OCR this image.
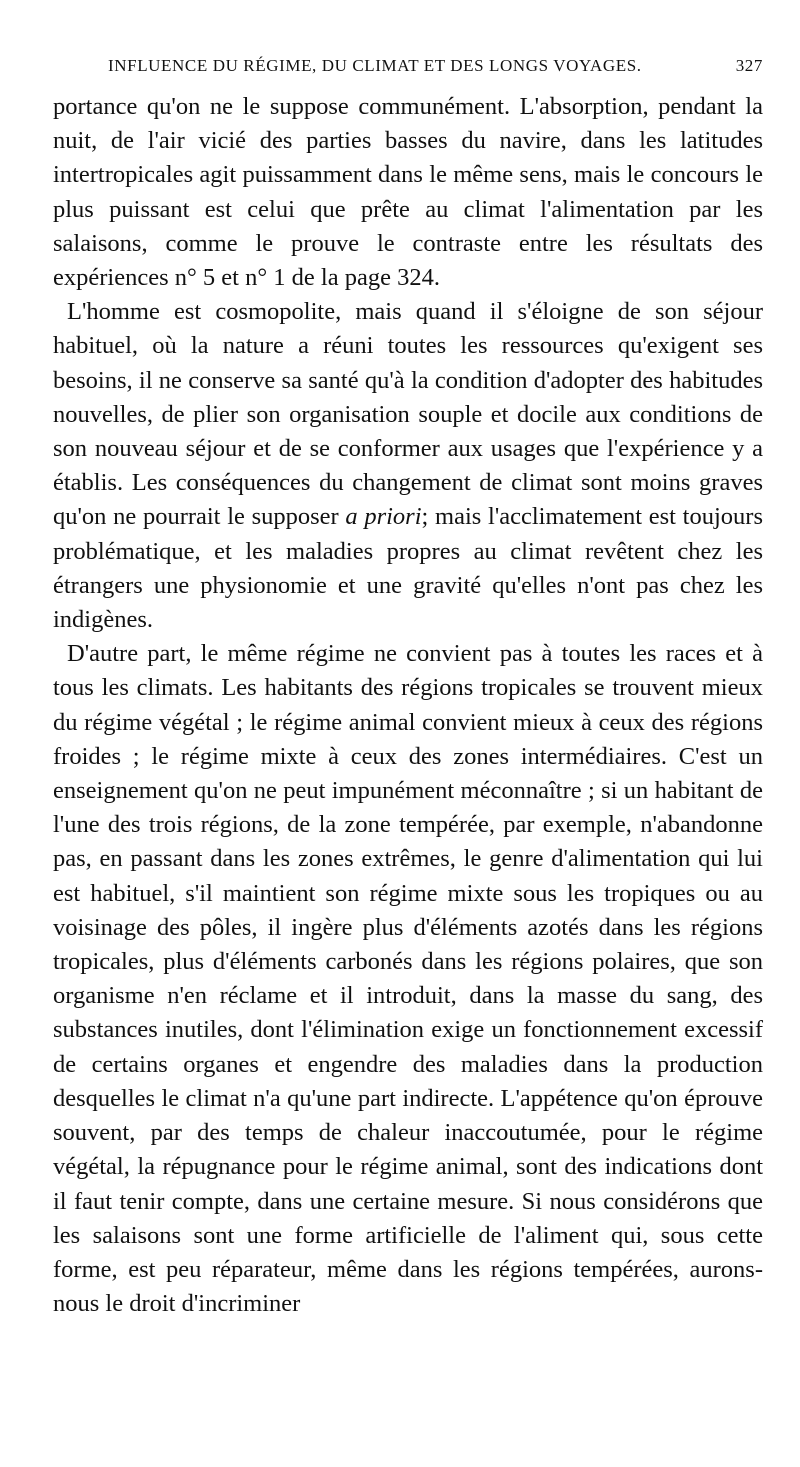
INFLUENCE DU RÉGIME, DU CLIMAT ET DES LONGS VOYAGES.	327

portance qu'on ne le suppose communément. L'absorption, pendant la nuit, de l'air vicié des parties basses du navire, dans les latitudes intertropicales agit puissamment dans le même sens, mais le concours le plus puissant est celui que prête au climat l'alimentation par les salaisons, comme le prouve le contraste entre les résultats des expériences n° 5 et n° 1 de la page 324.

L'homme est cosmopolite, mais quand il s'éloigne de son séjour habituel, où la nature a réuni toutes les ressources qu'exigent ses besoins, il ne conserve sa santé qu'à la condition d'adopter des habitudes nouvelles, de plier son organisation souple et docile aux conditions de son nouveau séjour et de se conformer aux usages que l'expérience y a établis. Les conséquences du changement de climat sont moins graves qu'on ne pourrait le supposer a priori; mais l'acclimatement est toujours problématique, et les maladies propres au climat revêtent chez les étrangers une physionomie et une gravité qu'elles n'ont pas chez les indigènes.

D'autre part, le même régime ne convient pas à toutes les races et à tous les climats. Les habitants des régions tropicales se trouvent mieux du régime végétal ; le régime animal convient mieux à ceux des régions froides ; le régime mixte à ceux des zones intermédiaires. C'est un enseignement qu'on ne peut impunément méconnaître ; si un habitant de l'une des trois régions, de la zone tempérée, par exemple, n'abandonne pas, en passant dans les zones extrêmes, le genre d'alimentation qui lui est habituel, s'il maintient son régime mixte sous les tropiques ou au voisinage des pôles, il ingère plus d'éléments azotés dans les régions tropicales, plus d'éléments carbonés dans les régions polaires, que son organisme n'en réclame et il introduit, dans la masse du sang, des substances inutiles, dont l'élimination exige un fonctionnement excessif de certains organes et engendre des maladies dans la production desquelles le climat n'a qu'une part indirecte. L'appétence qu'on éprouve souvent, par des temps de chaleur inaccoutumée, pour le régime végétal, la répugnance pour le régime animal, sont des indications dont il faut tenir compte, dans une certaine mesure. Si nous considérons que les salaisons sont une forme artificielle de l'aliment qui, sous cette forme, est peu réparateur, même dans les régions tempérées, aurons-nous le droit d'incriminer
